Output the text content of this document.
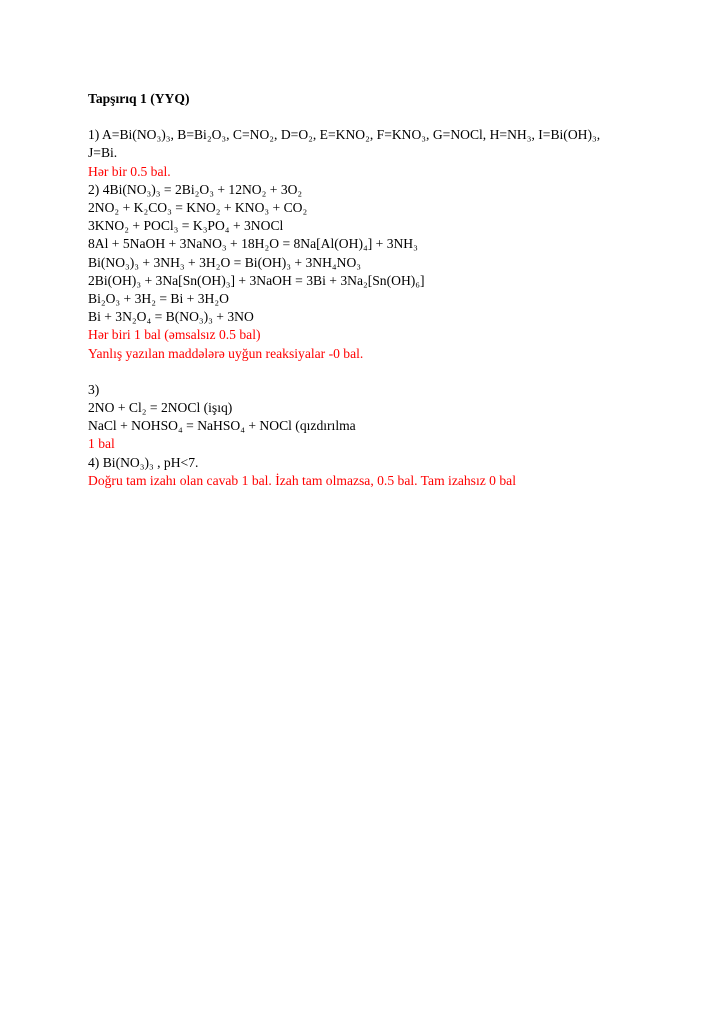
Tapşırıq 1 (YYQ)
1) A=Bi(NO₃)₃, B=Bi₂O₃, C=NO₂, D=O₂, E=KNO₂, F=KNO₃, G=NOCl, H=NH₃, I=Bi(OH)₃,
J=Bi.
Hər bir 0.5 bal.
2) 4Bi(NO₃)₃ = 2Bi₂O₃ + 12NO₂ + 3O₂
2NO₂ + K₂CO₃ = KNO₂ + KNO₃ + CO₂
3KNO₂ + POCl₃ = K₃PO₄ + 3NOCl
8Al + 5NaOH + 3NaNO₃ + 18H₂O = 8Na[Al(OH)₄] + 3NH₃
Bi(NO₃)₃ + 3NH₃ + 3H₂O = Bi(OH)₃ + 3NH₄NO₃
2Bi(OH)₃ + 3Na[Sn(OH)₃] + 3NaOH = 3Bi + 3Na₂[Sn(OH)₆]
Bi₂O₃ + 3H₂ = Bi + 3H₂O
Bi + 3N₂O₄ = B(NO₃)₃ + 3NO
Hər biri 1 bal (əmsalsız 0.5 bal)
Yanlış yazılan maddələrə uyğun reaksiyalar -0 bal.
3)
2NO + Cl₂ = 2NOCl (işıq)
NaCl + NOHSO₄ = NaHSO₄ + NOCl (qızdırılma
1 bal
4) Bi(NO₃)₃ , pH<7.
Doğru tam izahı olan cavab 1 bal. İzah tam olmazsa, 0.5 bal. Tam izahsız 0 bal
